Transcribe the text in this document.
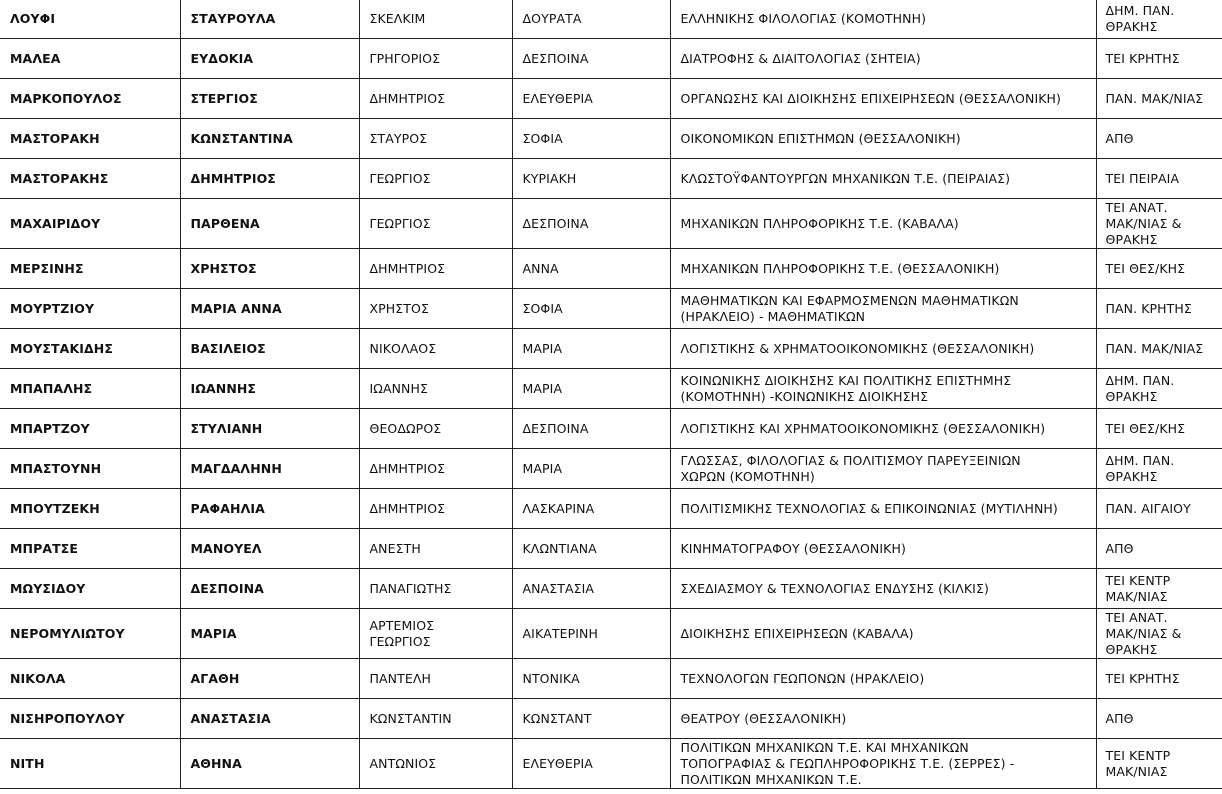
ΛΟΥΦΙ	ΣΤΑΥΡΟΥΛΑ	ΣΚΕΛΚΙΜ	ΔΟΥΡΑΤΑ	ΕΛΛΗΝΙΚΗΣ ΦΙΛΟΛΟΓΙΑΣ (ΚΟΜΟΤΗΝΗ)	ΔΗΜ. ΠΑΝ.
ΘΡΑΚΗΣ

ΜΑΛΕΑ	ΕΥΔΟΚΙΑ	ΓΡΗΓΟΡΙΟΣ	ΔΕΣΠΟΙΝΑ	ΔΙΑΤΡΟΦΗΣ & ΔΙΑΙΤΟΛΟΓΙΑΣ (ΣΗΤΕΙΑ)	ΤΕΙ ΚΡΗΤΗΣ

ΜΑΡΚΟΠΟΥΛΟΣ	ΣΤΕΡΓΙΟΣ	ΔΗΜΗΤΡΙΟΣ	ΕΛΕΥΘΕΡΙΑ	ΟΡΓΑΝΩΣΗΣ ΚΑΙ ΔΙΟΙΚΗΣΗΣ ΕΠΙΧΕΙΡΗΣΕΩΝ (ΘΕΣΣΑΛΟΝΙΚΗ)	ΠΑΝ. ΜΑΚ/ΝΙΑΣ

ΜΑΣΤΟΡΑΚΗ	ΚΩΝΣΤΑΝΤΙΝΑ	ΣΤΑΥΡΟΣ	ΣΟΦΙΑ	ΟΙΚΟΝΟΜΙΚΩΝ ΕΠΙΣΤΗΜΩΝ (ΘΕΣΣΑΛΟΝΙΚΗ)	ΑΠΘ

ΜΑΣΤΟΡΑΚΗΣ	ΔΗΜΗΤΡΙΟΣ	ΓΕΩΡΓΙΟΣ	ΚΥΡΙΑΚΗ	ΚΛΩΣΤΟΫΦΑΝΤΟΥΡΓΩΝ ΜΗΧΑΝΙΚΩΝ Τ.Ε. (ΠΕΙΡΑΙΑΣ)	ΤΕΙ ΠΕΙΡΑΙΑ

ΜΑΧΑΙΡΙΔΟΥ	ΠΑΡΘΕΝΑ	ΓΕΩΡΓΙΟΣ	ΔΕΣΠΟΙΝΑ	ΜΗΧΑΝΙΚΩΝ ΠΛΗΡΟΦΟΡΙΚΗΣ Τ.Ε. (ΚΑΒΑΛΑ)	ΤΕΙ ΑΝΑΤ.
ΜΑΚ/ΝΙΑΣ &
ΘΡΑΚΗΣ

ΜΕΡΣΙΝΗΣ	ΧΡΗΣΤΟΣ	ΔΗΜΗΤΡΙΟΣ	ΑΝΝΑ	ΜΗΧΑΝΙΚΩΝ ΠΛΗΡΟΦΟΡΙΚΗΣ Τ.Ε. (ΘΕΣΣΑΛΟΝΙΚΗ)	ΤΕΙ ΘΕΣ/ΚΗΣ

ΜΟΥΡΤΖΙΟΥ	ΜΑΡΙΑ ΑΝΝΑ	ΧΡΗΣΤΟΣ	ΣΟΦΙΑ	ΜΑΘΗΜΑΤΙΚΩΝ ΚΑΙ ΕΦΑΡΜΟΣΜΕΝΩΝ ΜΑΘΗΜΑΤΙΚΩΝ
(ΗΡΑΚΛΕΙΟ) - ΜΑΘΗΜΑΤΙΚΩΝ	ΠΑΝ. ΚΡΗΤΗΣ

ΜΟΥΣΤΑΚΙΔΗΣ	ΒΑΣΙΛΕΙΟΣ	ΝΙΚΟΛΑΟΣ	ΜΑΡΙΑ	ΛΟΓΙΣΤΙΚΗΣ & ΧΡΗΜΑΤΟΟΙΚΟΝΟΜΙΚΗΣ (ΘΕΣΣΑΛΟΝΙΚΗ)	ΠΑΝ. ΜΑΚ/ΝΙΑΣ

ΜΠΑΠΑΛΗΣ	ΙΩΑΝΝΗΣ	ΙΩΑΝΝΗΣ	ΜΑΡΙΑ	ΚΟΙΝΩΝΙΚΗΣ ΔΙΟΙΚΗΣΗΣ ΚΑΙ ΠΟΛΙΤΙΚΗΣ ΕΠΙΣΤΗΜΗΣ
(ΚΟΜΟΤΗΝΗ) -ΚΟΙΝΩΝΙΚΗΣ ΔΙΟΙΚΗΣΗΣ	ΔΗΜ. ΠΑΝ.
ΘΡΑΚΗΣ

ΜΠΑΡΤΖΟΥ	ΣΤΥΛΙΑΝΗ	ΘΕΟΔΩΡΟΣ	ΔΕΣΠΟΙΝΑ	ΛΟΓΙΣΤΙΚΗΣ ΚΑΙ ΧΡΗΜΑΤΟΟΙΚΟΝΟΜΙΚΗΣ (ΘΕΣΣΑΛΟΝΙΚΗ)	ΤΕΙ ΘΕΣ/ΚΗΣ

ΜΠΑΣΤΟΥΝΗ	ΜΑΓΔΑΛΗΝΗ	ΔΗΜΗΤΡΙΟΣ	ΜΑΡΙΑ	ΓΛΩΣΣΑΣ, ΦΙΛΟΛΟΓΙΑΣ & ΠΟΛΙΤΙΣΜΟΥ ΠΑΡΕΥΞΕΙΝΙΩΝ
ΧΩΡΩΝ (ΚΟΜΟΤΗΝΗ)	ΔΗΜ. ΠΑΝ.
ΘΡΑΚΗΣ

ΜΠΟΥΤΖΕΚΗ	ΡΑΦΑΗΛΙΑ	ΔΗΜΗΤΡΙΟΣ	ΛΑΣΚΑΡΙΝΑ	ΠΟΛΙΤΙΣΜΙΚΗΣ ΤΕΧΝΟΛΟΓΙΑΣ & ΕΠΙΚΟΙΝΩΝΙΑΣ (ΜΥΤΙΛΗΝΗ)	ΠΑΝ. ΑΙΓΑΙΟΥ

ΜΠΡΑΤΣΕ	ΜΑΝΟΥΕΛ	ΑΝΕΣΤΗ	ΚΛΩΝΤΙΑΝΑ	ΚΙΝΗΜΑΤΟΓΡΑΦΟΥ (ΘΕΣΣΑΛΟΝΙΚΗ)	ΑΠΘ

ΜΩΥΣΙΔΟΥ	ΔΕΣΠΟΙΝΑ	ΠΑΝΑΓΙΩΤΗΣ	ΑΝΑΣΤΑΣΙΑ	ΣΧΕΔΙΑΣΜΟΥ & ΤΕΧΝΟΛΟΓΙΑΣ ΕΝΔΥΣΗΣ (ΚΙΛΚΙΣ)	ΤΕΙ ΚΕΝΤΡ
ΜΑΚ/ΝΙΑΣ

ΝΕΡΟΜΥΛΙΩΤΟΥ	ΜΑΡΙΑ	ΑΡΤΕΜΙΟΣ
ΓΕΩΡΓΙΟΣ	ΑΙΚΑΤΕΡΙΝΗ	ΔΙΟΙΚΗΣΗΣ ΕΠΙΧΕΙΡΗΣΕΩΝ (ΚΑΒΑΛΑ)	ΤΕΙ ΑΝΑΤ.
ΜΑΚ/ΝΙΑΣ &
ΘΡΑΚΗΣ

ΝΙΚΟΛΑ	ΑΓΑΘΗ	ΠΑΝΤΕΛΗ	ΝΤΟΝΙΚΑ	ΤΕΧΝΟΛΟΓΩΝ ΓΕΩΠΟΝΩΝ (ΗΡΑΚΛΕΙΟ)	ΤΕΙ ΚΡΗΤΗΣ

ΝΙΣΗΡΟΠΟΥΛΟΥ	ΑΝΑΣΤΑΣΙΑ	ΚΩΝΣΤΑΝΤΙΝ	ΚΩΝΣΤΑΝΤ	ΘΕΑΤΡΟΥ (ΘΕΣΣΑΛΟΝΙΚΗ)	ΑΠΘ

ΝΙΤΗ	ΑΘΗΝΑ	ΑΝΤΩΝΙΟΣ	ΕΛΕΥΘΕΡΙΑ	ΠΟΛΙΤΙΚΩΝ ΜΗΧΑΝΙΚΩΝ Τ.Ε. ΚΑΙ ΜΗΧΑΝΙΚΩΝ
ΤΟΠΟΓΡΑΦΙΑΣ & ΓΕΩΠΛΗΡΟΦΟΡΙΚΗΣ Τ.Ε. (ΣΕΡΡΕΣ) -
ΠΟΛΙΤΙΚΩΝ ΜΗΧΑΝΙΚΩΝ Τ.Ε.	ΤΕΙ ΚΕΝΤΡ
ΜΑΚ/ΝΙΑΣ
